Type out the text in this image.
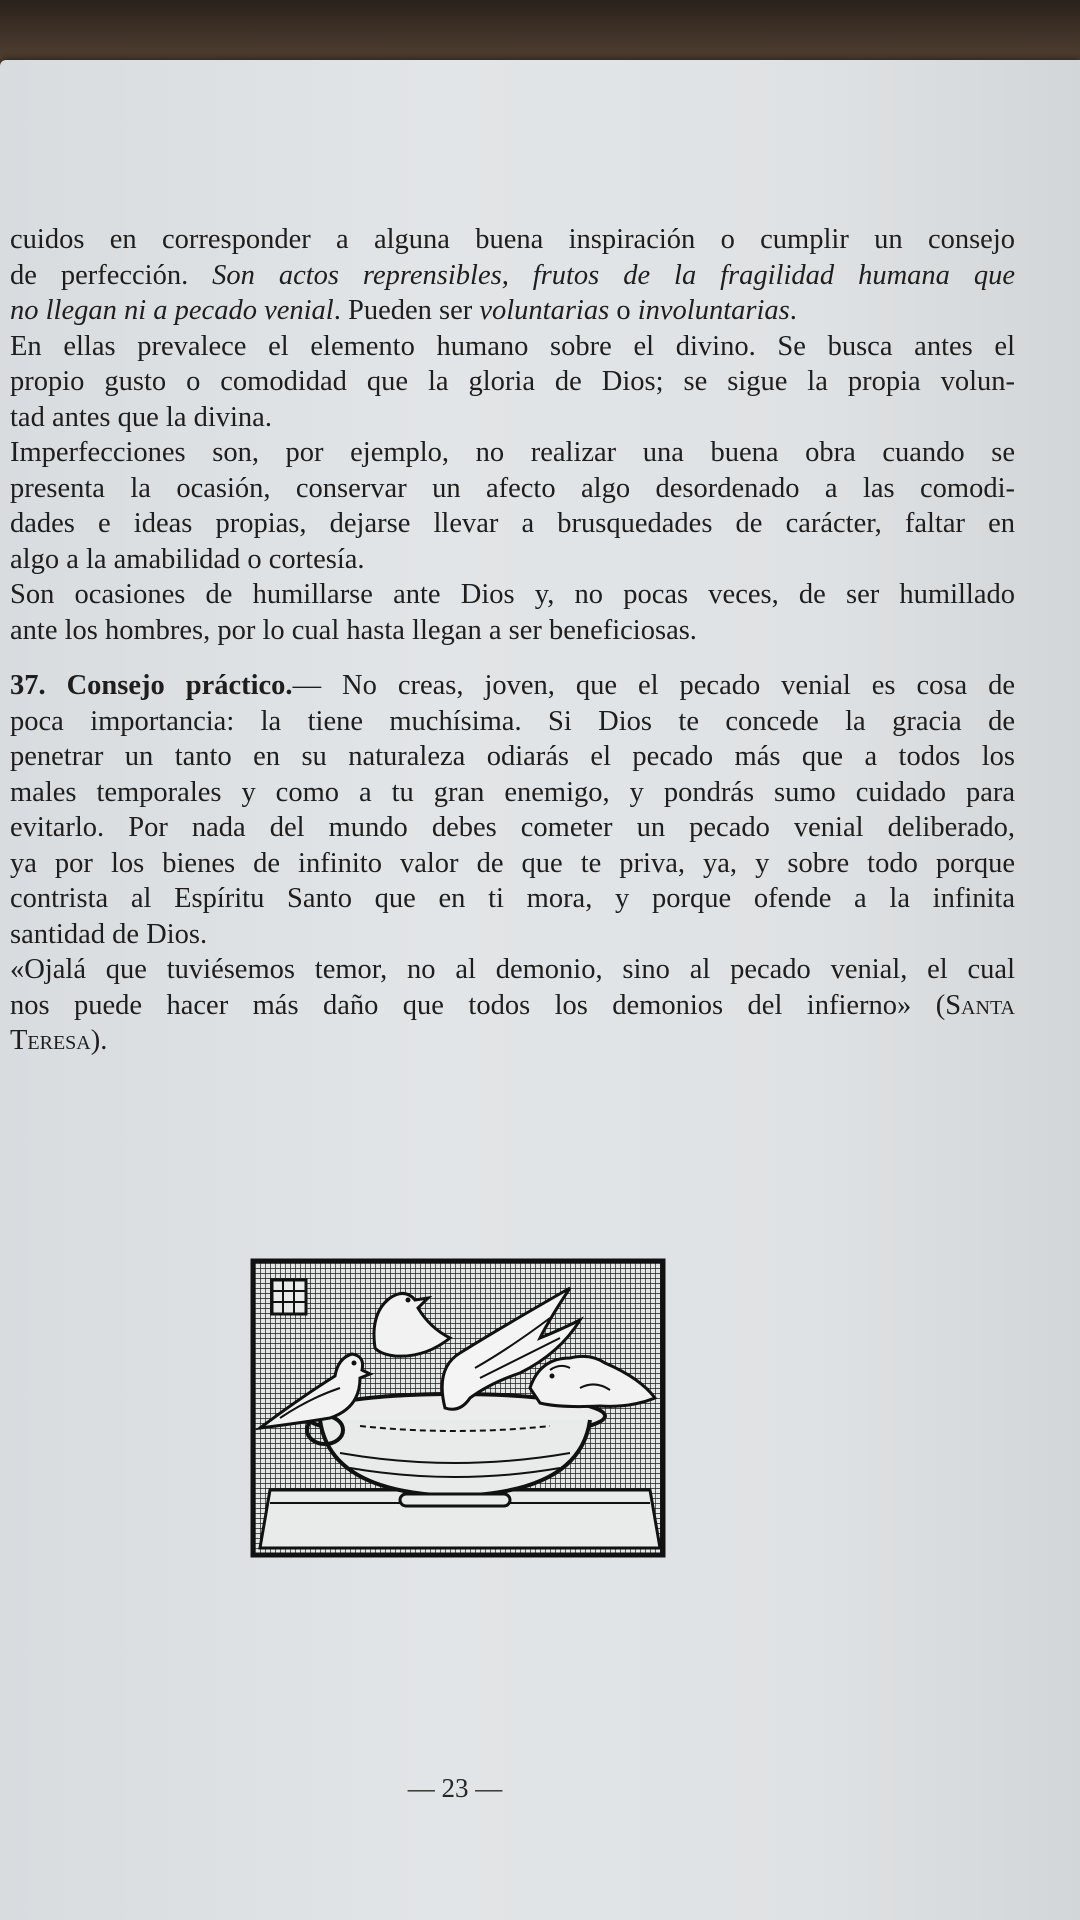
cuidos en corresponder a alguna buena inspiración o cumplir un consejo
de perfección. Son actos reprensibles, frutos de la fragilidad humana que
no llegan ni a pecado venial. Pueden ser voluntarias o involuntarias.
En ellas prevalece el elemento humano sobre el divino. Se busca antes el
propio gusto o comodidad que la gloria de Dios; se sigue la propia volun-
tad antes que la divina.
Imperfecciones son, por ejemplo, no realizar una buena obra cuando se
presenta la ocasión, conservar un afecto algo desordenado a las comodi-
dades e ideas propias, dejarse llevar a brusquedades de carácter, faltar en
algo a la amabilidad o cortesía.
Son ocasiones de humillarse ante Dios y, no pocas veces, de ser humillado
ante los hombres, por lo cual hasta llegan a ser beneficiosas.
37. Consejo práctico.— No creas, joven, que el pecado venial es cosa de
poca importancia: la tiene muchísima. Si Dios te concede la gracia de
penetrar un tanto en su naturaleza odiarás el pecado más que a todos los
males temporales y como a tu gran enemigo, y pondrás sumo cuidado para
evitarlo. Por nada del mundo debes cometer un pecado venial deliberado,
ya por los bienes de infinito valor de que te priva, ya, y sobre todo porque
contrista al Espíritu Santo que en ti mora, y porque ofende a la infinita
santidad de Dios.
«Ojalá que tuviésemos temor, no al demonio, sino al pecado venial, el cual
nos puede hacer más daño que todos los demonios del infierno» (Santa
Teresa).
— 23 —
